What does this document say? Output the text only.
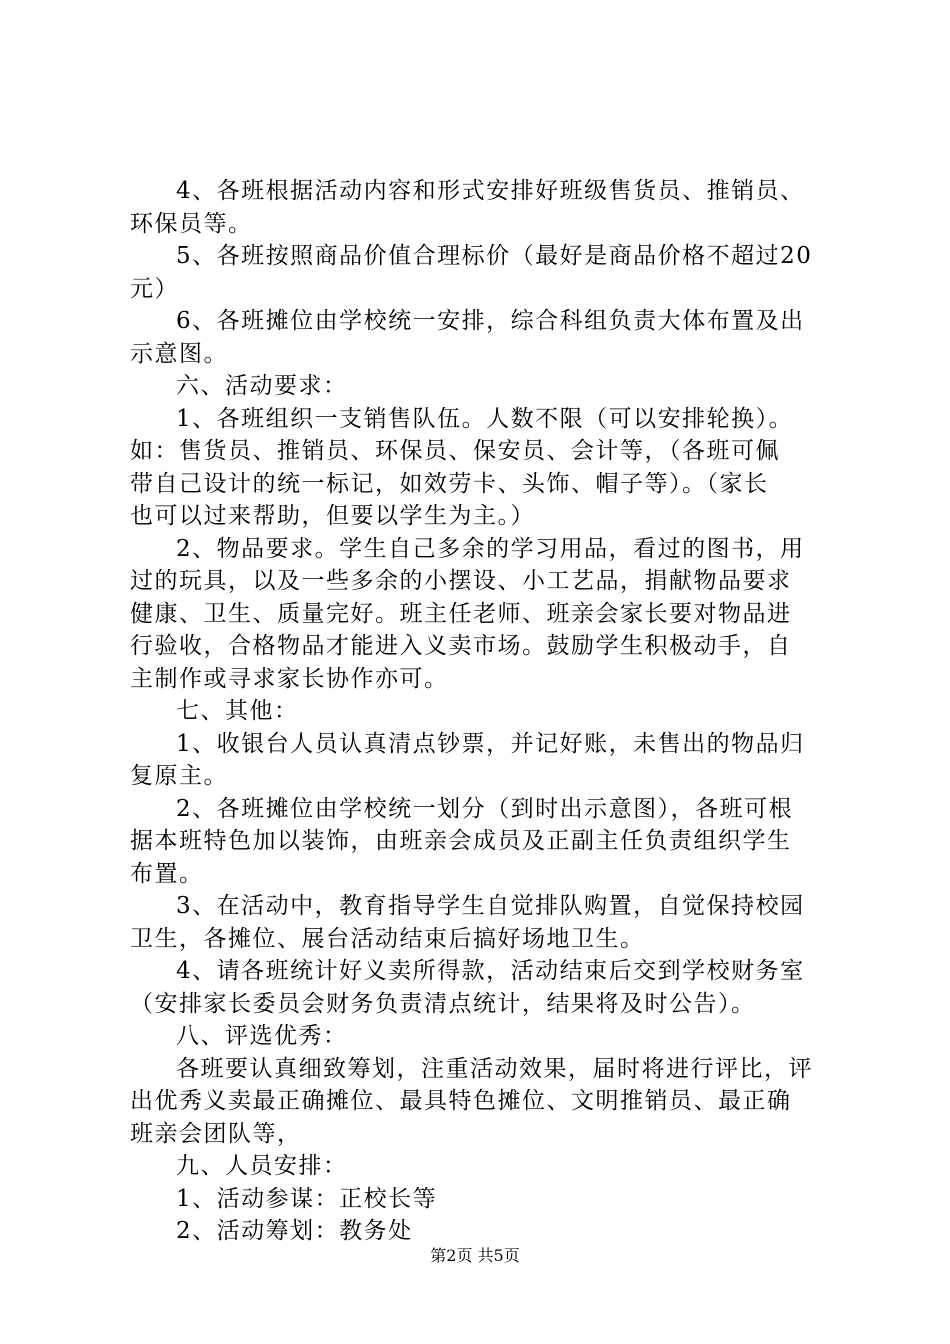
4、各班根据活动内容和形式安排好班级售货员、推销员、
环保员等。
5、各班按照商品价值合理标价（最好是商品价格不超过20
元）
6、各班摊位由学校统一安排，综合科组负责大体布置及出
示意图。
六、活动要求：
1、各班组织一支销售队伍。人数不限（可以安排轮换）。
如：售货员、推销员、环保员、保安员、会计等，（各班可佩
带自己设计的统一标记，如效劳卡、头饰、帽子等）。（家长
也可以过来帮助，但要以学生为主。）
2、物品要求。学生自己多余的学习用品，看过的图书，用
过的玩具，以及一些多余的小摆设、小工艺品，捐献物品要求
健康、卫生、质量完好。班主任老师、班亲会家长要对物品进
行验收，合格物品才能进入义卖市场。鼓励学生积极动手，自
主制作或寻求家长协作亦可。
七、其他：
1、收银台人员认真清点钞票，并记好账，未售出的物品归
复原主。
2、各班摊位由学校统一划分（到时出示意图），各班可根
据本班特色加以装饰，由班亲会成员及正副主任负责组织学生
布置。
3、在活动中，教育指导学生自觉排队购置，自觉保持校园
卫生，各摊位、展台活动结束后搞好场地卫生。
4、请各班统计好义卖所得款，活动结束后交到学校财务室
（安排家长委员会财务负责清点统计，结果将及时公告）。
八、评选优秀：
各班要认真细致筹划，注重活动效果，届时将进行评比，评
出优秀义卖最正确摊位、最具特色摊位、文明推销员、最正确
班亲会团队等，
九、人员安排：
1、活动参谋：正校长等
2、活动筹划：教务处
第2页 共5页
